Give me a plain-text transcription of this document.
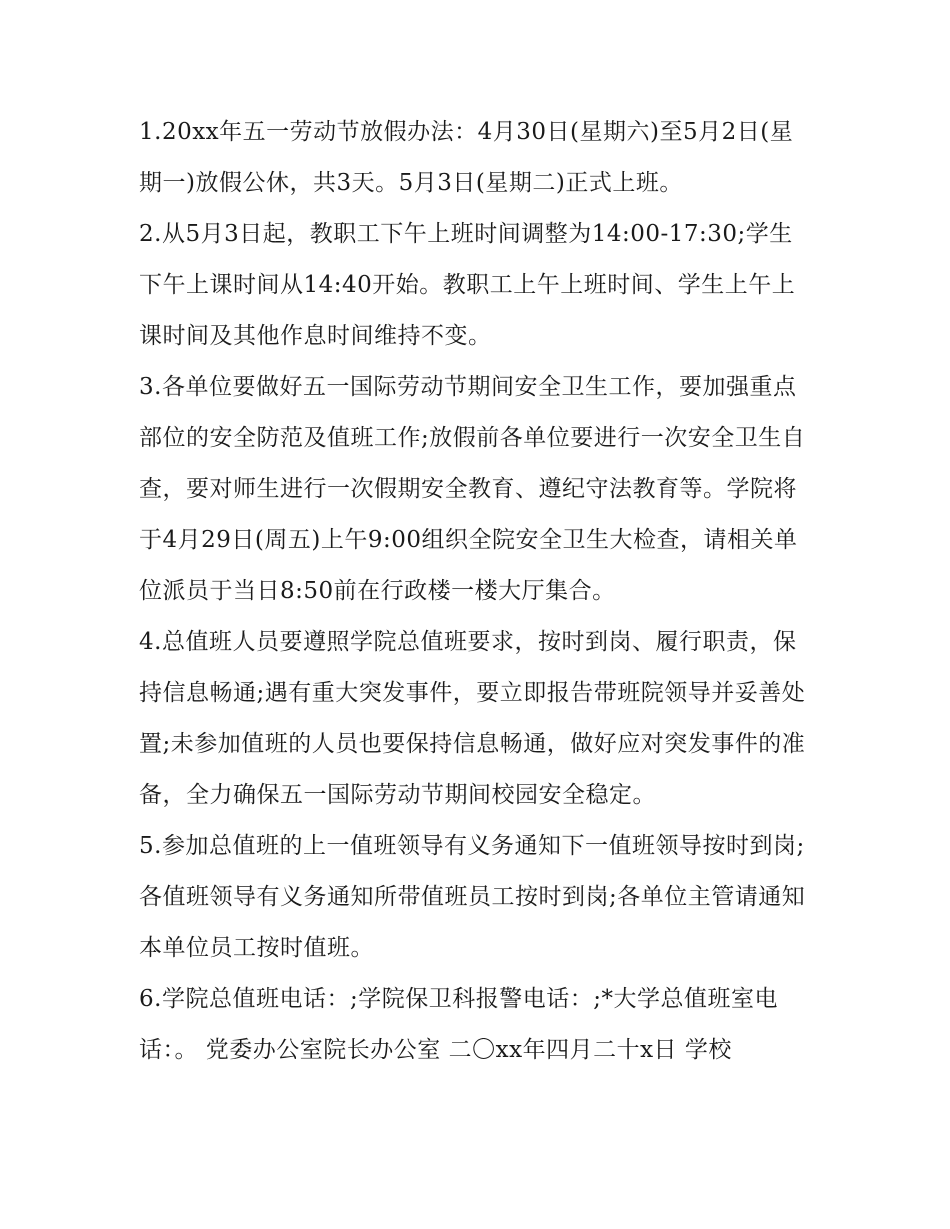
1.20xx年五一劳动节放假办法：4月30日(星期六)至5月2日(星期一)放假公休，共3天。5月3日(星期二)正式上班。

2.从5月3日起，教职工下午上班时间调整为14:00-17:30;学生下午上课时间从14:40开始。教职工上午上班时间、学生上午上课时间及其他作息时间维持不变。

3.各单位要做好五一国际劳动节期间安全卫生工作，要加强重点部位的安全防范及值班工作;放假前各单位要进行一次安全卫生自查，要对师生进行一次假期安全教育、遵纪守法教育等。学院将于4月29日(周五)上午9:00组织全院安全卫生大检查，请相关单位派员于当日8:50前在行政楼一楼大厅集合。

4.总值班人员要遵照学院总值班要求，按时到岗、履行职责，保持信息畅通;遇有重大突发事件，要立即报告带班院领导并妥善处置;未参加值班的人员也要保持信息畅通，做好应对突发事件的准备，全力确保五一国际劳动节期间校园安全稳定。

5.参加总值班的上一值班领导有义务通知下一值班领导按时到岗;各值班领导有义务通知所带值班员工按时到岗;各单位主管请通知本单位员工按时值班。

6.学院总值班电话：;学院保卫科报警电话：;*大学总值班室电话：。 党委办公室院长办公室 二〇xx年四月二十x日 学校
